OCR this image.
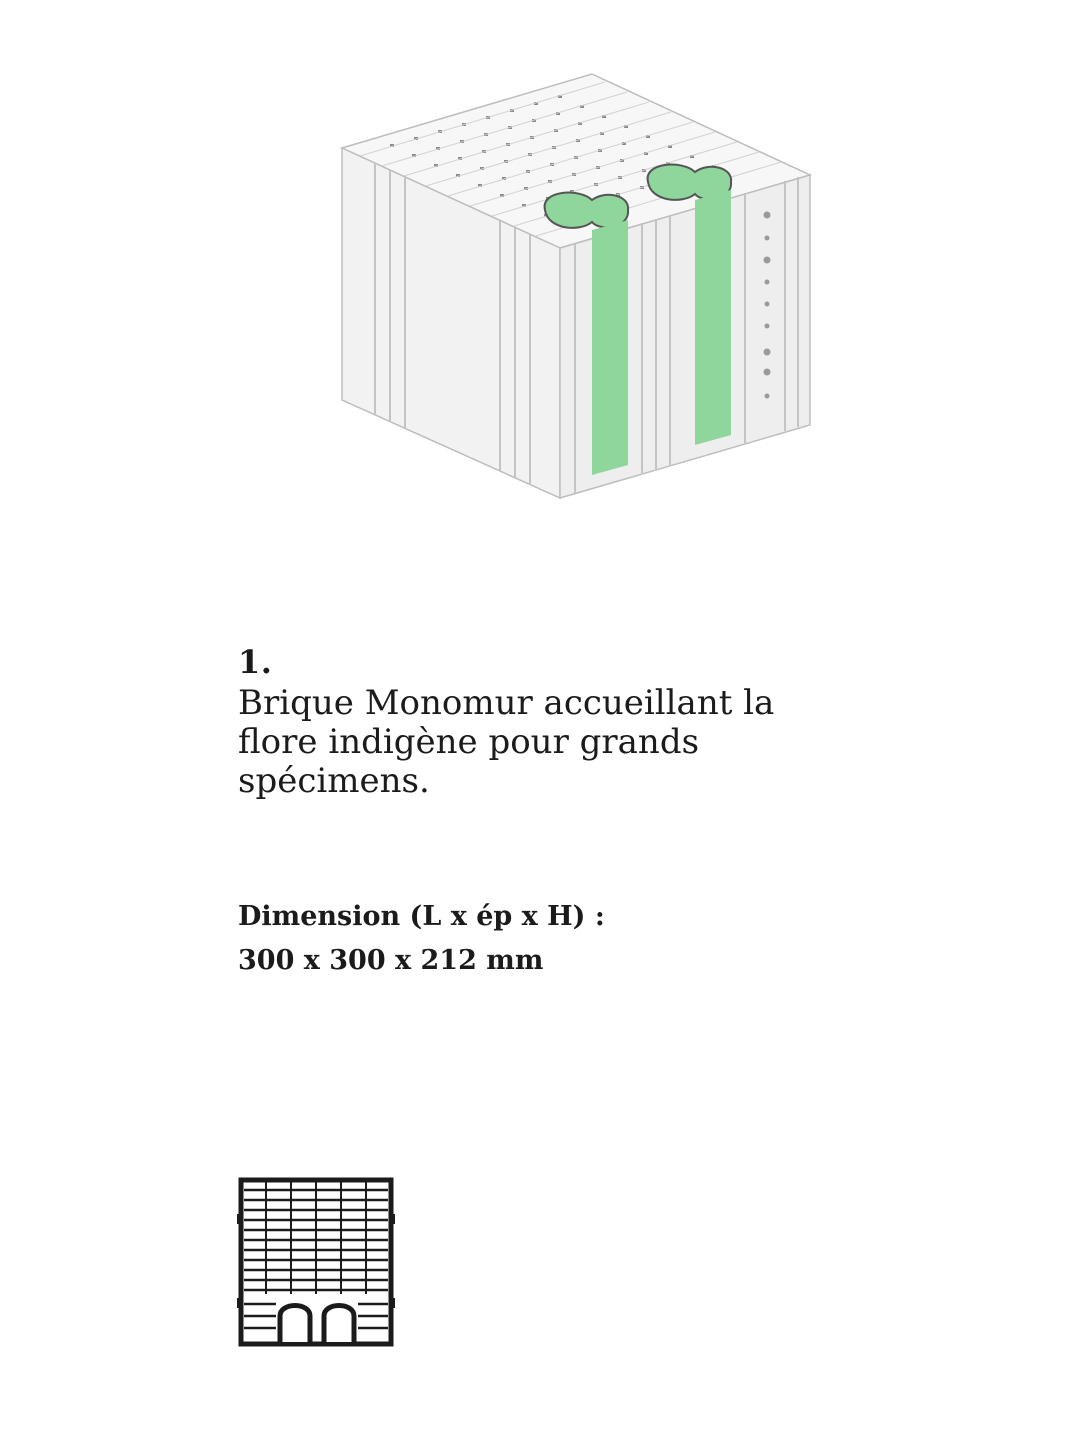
1.

Brique Monomur accueillant la flore indigène pour grands spécimens.

Dimension (L x ép x H) :

300 x 300 x 212 mm
